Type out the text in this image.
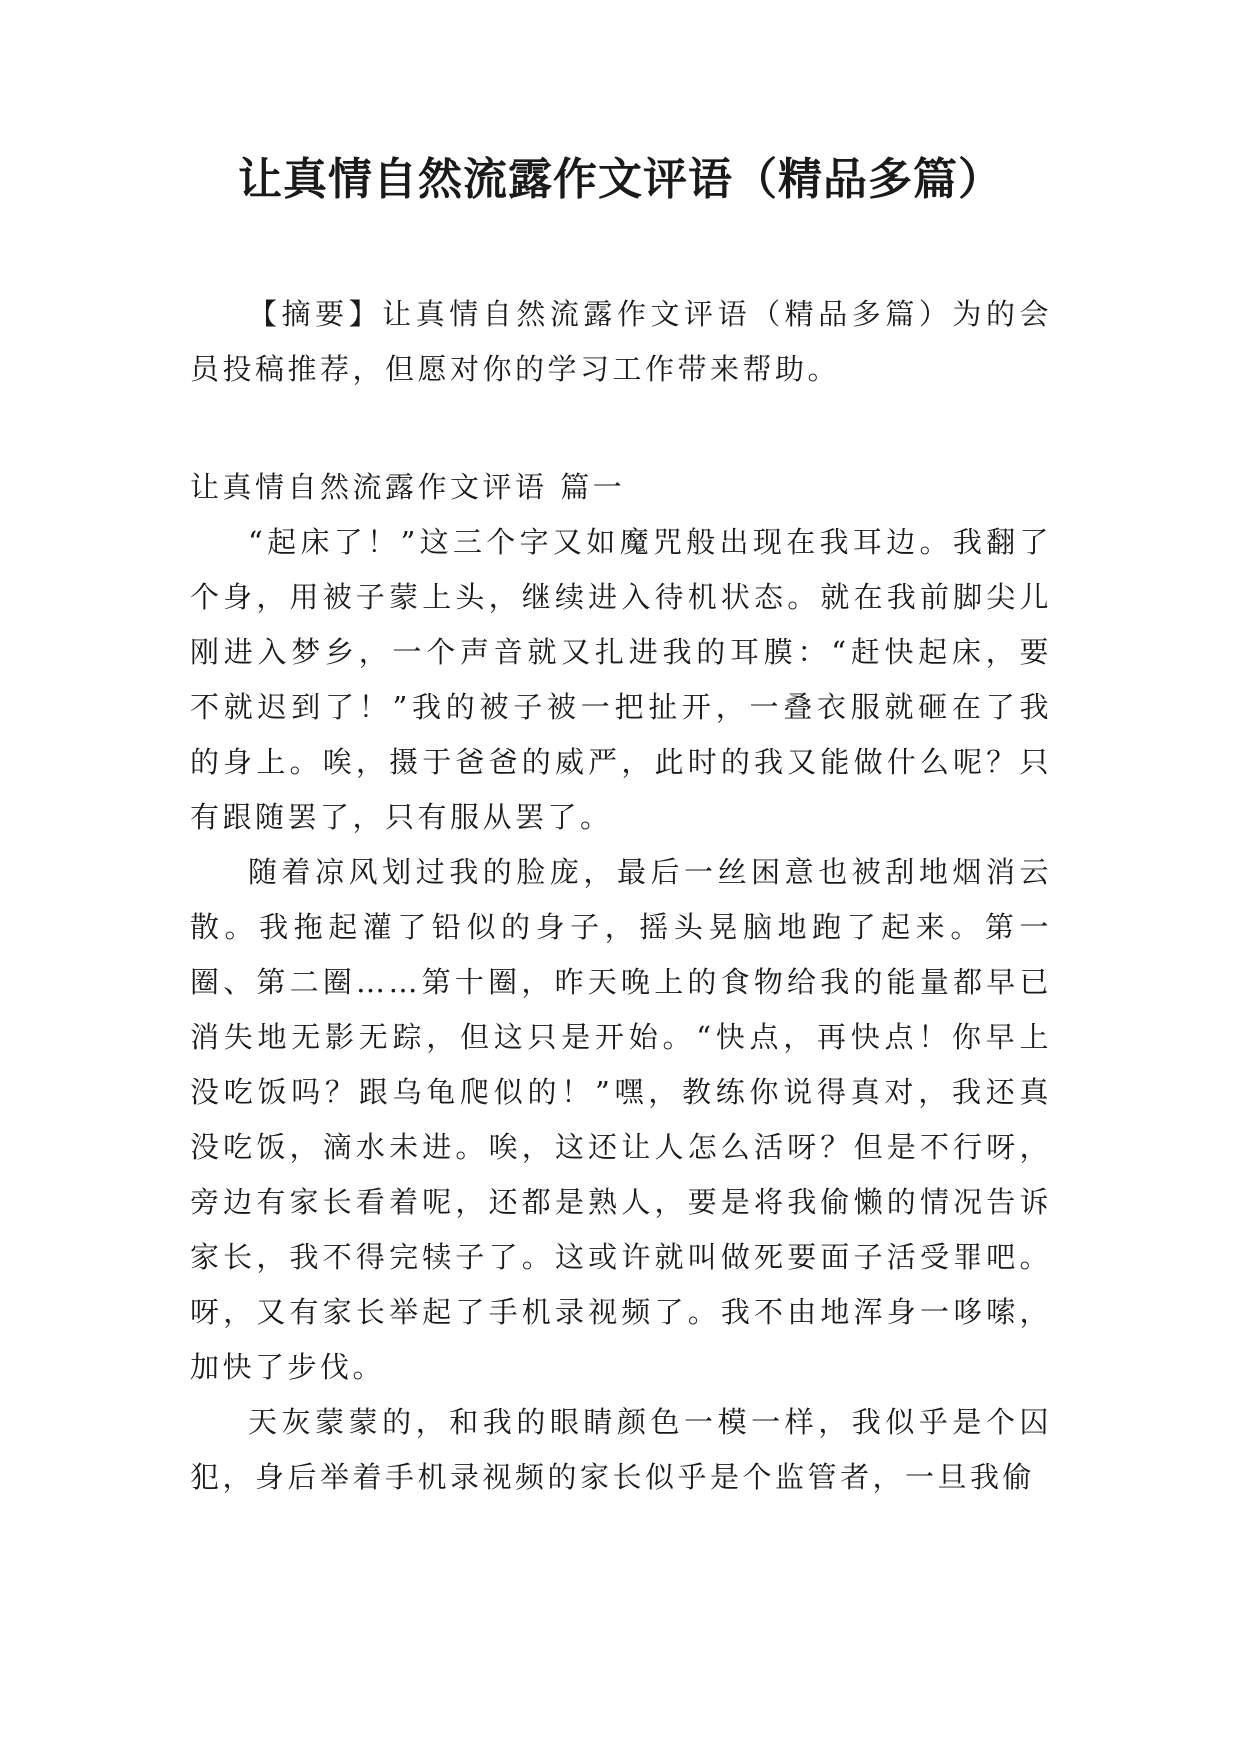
让真情自然流露作文评语（精品多篇）

【摘要】让真情自然流露作文评语（精品多篇）为的会员投稿推荐，但愿对你的学习工作带来帮助。

让真情自然流露作文评语 篇一

“起床了！”这三个字又如魔咒般出现在我耳边。我翻了个身，用被子蒙上头，继续进入待机状态。就在我前脚尖儿刚进入梦乡，一个声音就又扎进我的耳膜：“赶快起床，要不就迟到了！”我的被子被一把扯开，一叠衣服就砸在了我的身上。唉，摄于爸爸的威严，此时的我又能做什么呢？只有跟随罢了，只有服从罢了。

随着凉风划过我的脸庞，最后一丝困意也被刮地烟消云散。我拖起灌了铅似的身子，摇头晃脑地跑了起来。第一圈、第二圈……第十圈，昨天晚上的食物给我的能量都早已消失地无影无踪，但这只是开始。“快点，再快点！你早上没吃饭吗？跟乌龟爬似的！”嘿，教练你说得真对，我还真没吃饭，滴水未进。唉，这还让人怎么活呀？但是不行呀，旁边有家长看着呢，还都是熟人，要是将我偷懒的情况告诉家长，我不得完犊子了。这或许就叫做死要面子活受罪吧。呀，又有家长举起了手机录视频了。我不由地浑身一哆嗦，加快了步伐。

天灰蒙蒙的，和我的眼睛颜色一模一样，我似乎是个囚犯，身后举着手机录视频的家长似乎是个监管者，一旦我偷
